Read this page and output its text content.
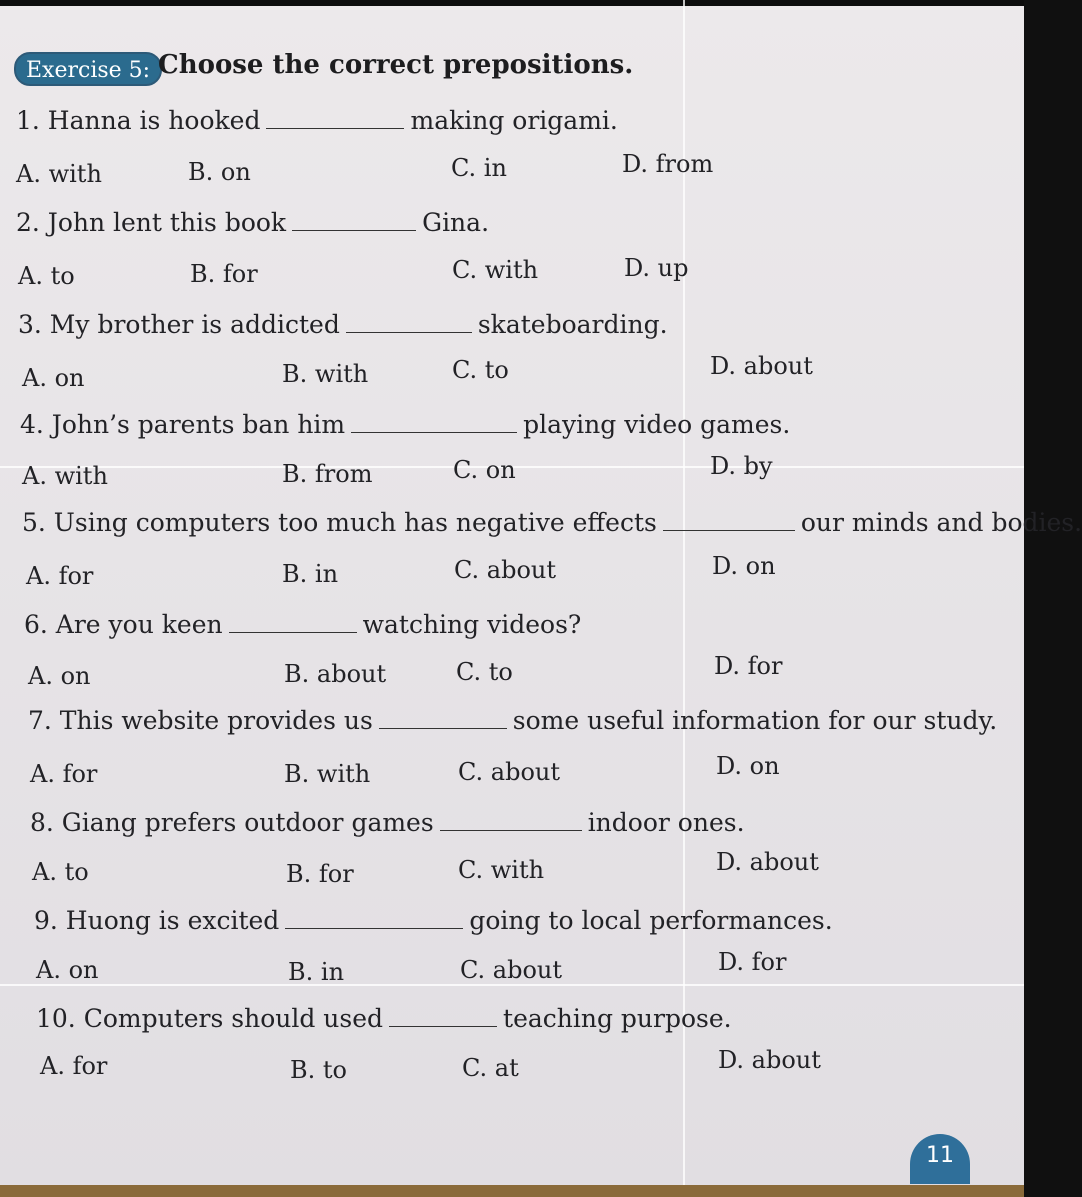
Exercise 5: Choose the correct prepositions.
1. Hanna is hooked	making origami.
A. with	B. on	C. in	D. from
2. John lent this book	Gina.
A. to	B. for	C. with	D. up
3. My brother is addicted	skateboarding.
A. on	B. with	C. to	D. about
4. John’s parents ban him	playing video games.
A. with	B. from	C. on	D. by
5. Using computers too much has negative effects	our minds and bodies.
A. for	B. in	C. about	D. on
6. Are you keen	watching videos?
A. on	B. about	C. to	D. for
7. This website provides us	some useful information for our study.
A. for	B. with	C. about	D. on
8. Giang prefers outdoor games	indoor ones.
A. to	B. for	C. with	D. about
9. Huong is excited	going to local performances.
A. on	B. in	C. about	D. for
10. Computers should used	teaching purpose.
A. for	B. to	C. at	D. about
11
